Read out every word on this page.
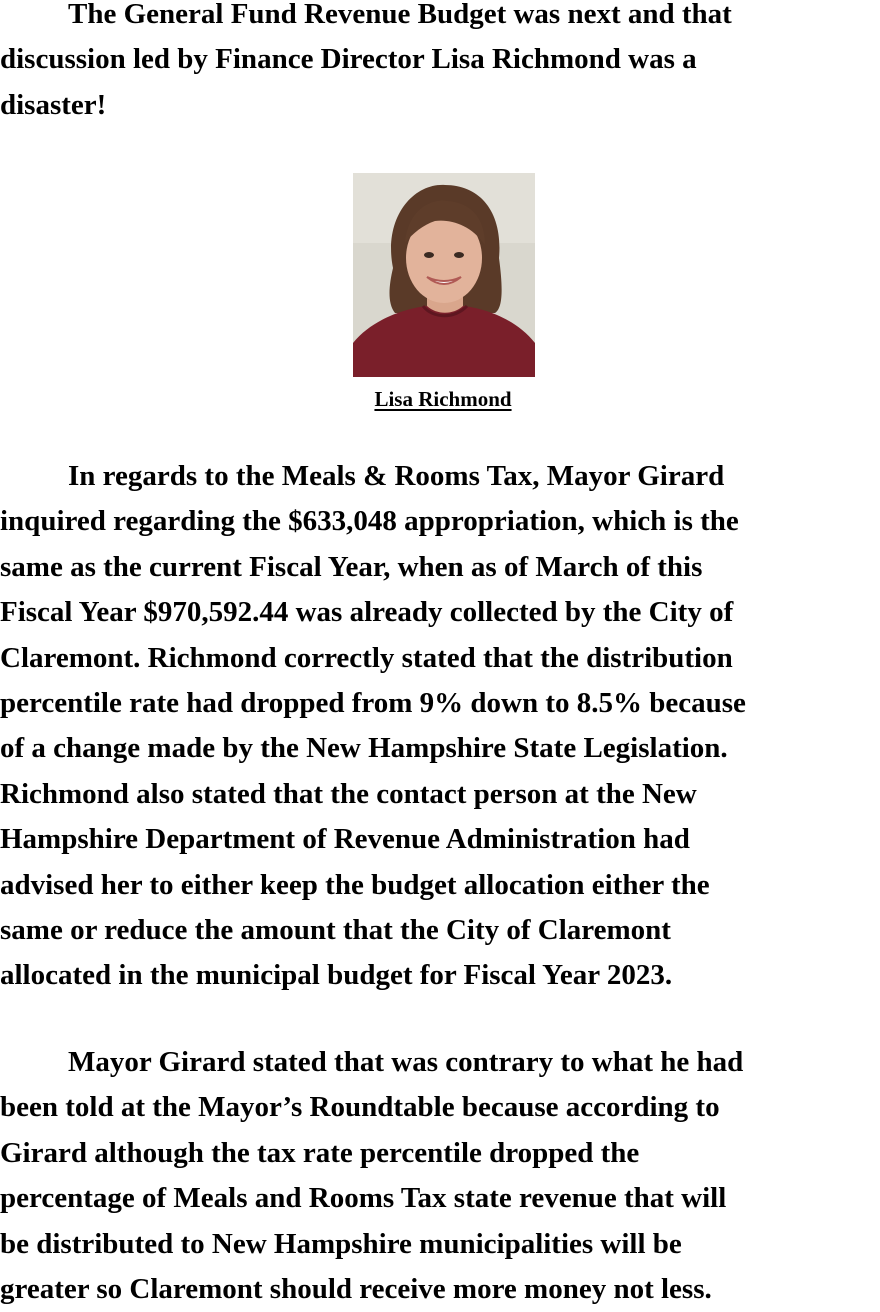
The General Fund Revenue Budget was next and that
discussion led by Finance Director Lisa Richmond was a
disaster!
Lisa Richmond
In regards to the Meals & Rooms Tax, Mayor Girard
inquired regarding the $633,048 appropriation, which is the
same as the current Fiscal Year, when as of March of this
Fiscal Year $970,592.44 was already collected by the City of
Claremont. Richmond correctly stated that the distribution
percentile rate had dropped from 9% down to 8.5% because
of a change made by the New Hampshire State Legislation.
Richmond also stated that the contact person at the New
Hampshire Department of Revenue Administration had
advised her to either keep the budget allocation either the
same or reduce the amount that the City of Claremont
allocated in the municipal budget for Fiscal Year 2023.
Mayor Girard stated that was contrary to what he had
been told at the Mayor’s Roundtable because according to
Girard although the tax rate percentile dropped the
percentage of Meals and Rooms Tax state revenue that will
be distributed to New Hampshire municipalities will be
greater so Claremont should receive more money not less.
